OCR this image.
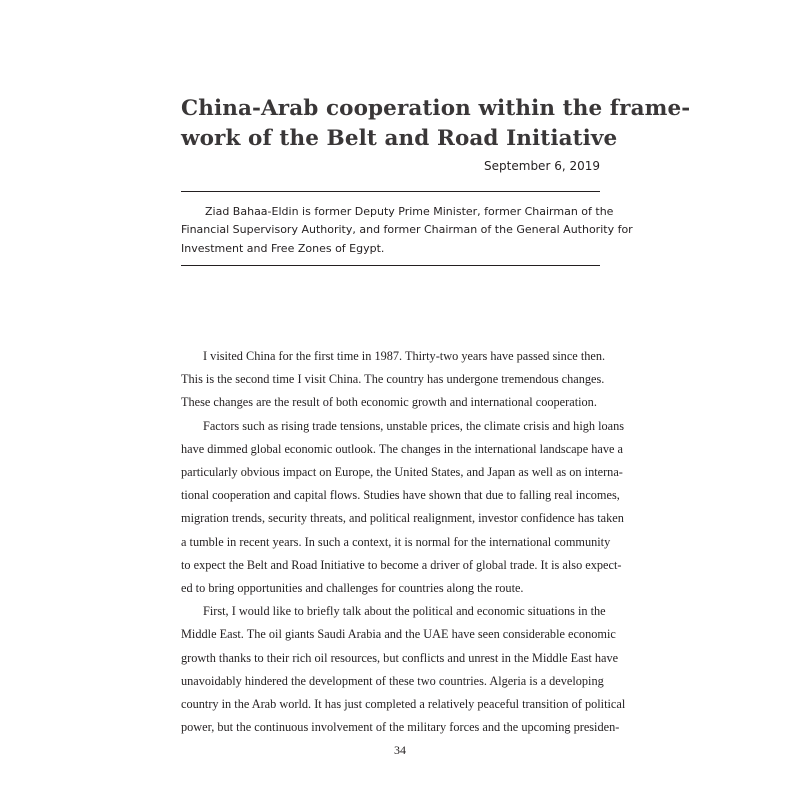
China-Arab cooperation within the frame-
work of the Belt and Road Initiative
September 6, 2019
Ziad Bahaa-Eldin is former Deputy Prime Minister, former Chairman of the
Financial Supervisory Authority, and former Chairman of the General Authority for
Investment and Free Zones of Egypt.
I visited China for the first time in 1987. Thirty-two years have passed since then.
This is the second time I visit China. The country has undergone tremendous changes.
These changes are the result of both economic growth and international cooperation.
Factors such as rising trade tensions, unstable prices, the climate crisis and high loans
have dimmed global economic outlook. The changes in the international landscape have a
particularly obvious impact on Europe, the United States, and Japan as well as on interna-
tional cooperation and capital flows. Studies have shown that due to falling real incomes,
migration trends, security threats, and political realignment, investor confidence has taken
a tumble in recent years. In such a context, it is normal for the international community
to expect the Belt and Road Initiative to become a driver of global trade. It is also expect-
ed to bring opportunities and challenges for countries along the route.
First, I would like to briefly talk about the political and economic situations in the
Middle East. The oil giants Saudi Arabia and the UAE have seen considerable economic
growth thanks to their rich oil resources, but conflicts and unrest in the Middle East have
unavoidably hindered the development of these two countries. Algeria is a developing
country in the Arab world. It has just completed a relatively peaceful transition of political
power, but the continuous involvement of the military forces and the upcoming presiden-
34
